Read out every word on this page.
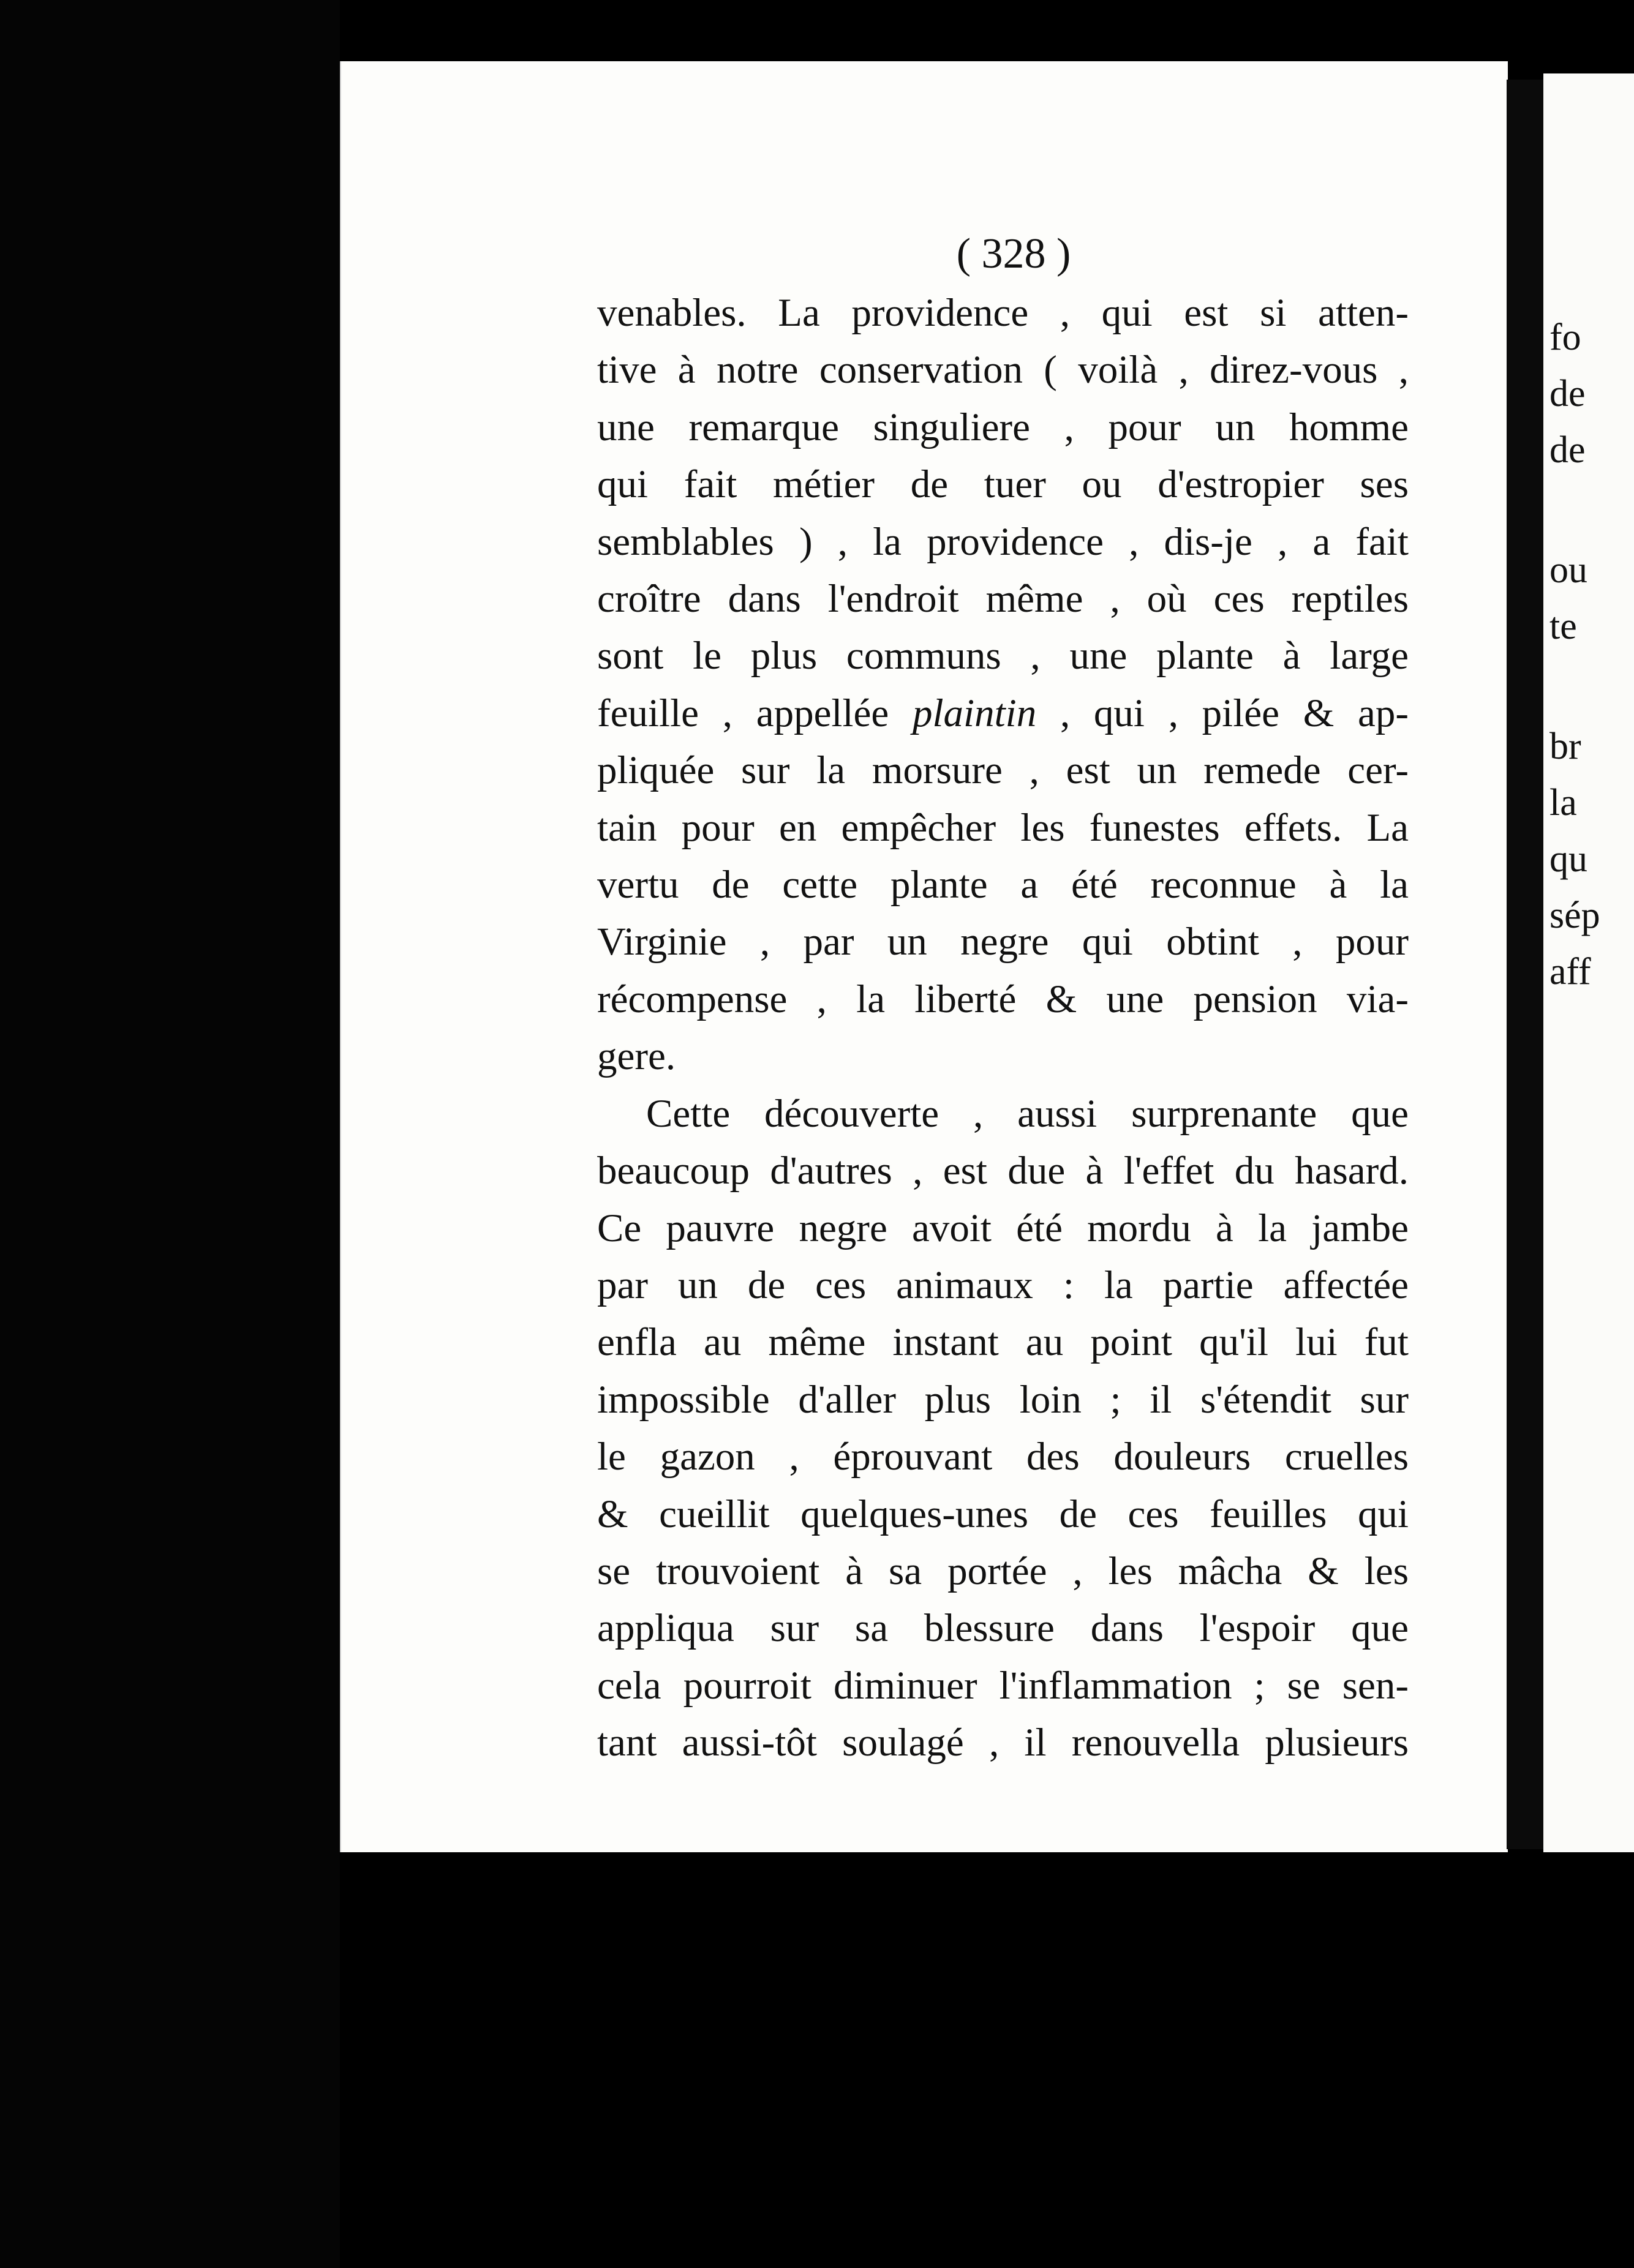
( 328 )
venables. La providence , qui est si atten-
tive à notre conservation ( voilà , direz-vous ,
une remarque singuliere , pour un homme
qui fait métier de tuer ou d'estropier ses
semblables ) , la providence , dis-je , a fait
croître dans l'endroit même , où ces reptiles
sont le plus communs , une plante à large
feuille , appellée plaintin , qui , pilée & ap-
pliquée sur la morsure , est un remede cer-
tain pour en empêcher les funestes effets. La
vertu de cette plante a été reconnue à la
Virginie , par un negre qui obtint , pour
récompense , la liberté & une pension via-
gere.
Cette découverte , aussi surprenante que
beaucoup d'autres , est due à l'effet du hasard.
Ce pauvre negre avoit été mordu à la jambe
par un de ces animaux : la partie affectée
enfla au même instant au point qu'il lui fut
impossible d'aller plus loin ; il s'étendit sur
le gazon , éprouvant des douleurs cruelles
& cueillit quelques-unes de ces feuilles qui
se trouvoient à sa portée , les mâcha & les
appliqua sur sa blessure dans l'espoir que
cela pourroit diminuer l'inflammation ; se sen-
tant aussi-tôt soulagé , il renouvella plusieurs
fo
de
de
ou
te
br
la
qu
sép
aff
